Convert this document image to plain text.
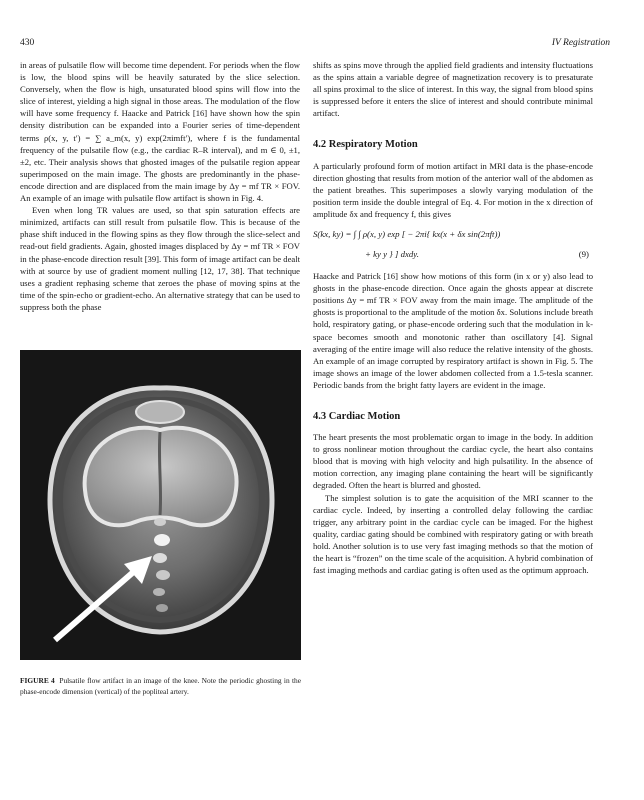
430	IV Registration

in areas of pulsatile flow will become time dependent. For periods when the flow is low, the blood spins will be heavily saturated by the slice selection. Conversely, when the flow is high, unsaturated blood spins will flow into the slice of interest, yielding a high signal in those areas. The modulation of the flow will have some frequency f. Haacke and Patrick [16] have shown how the spin density distribution can be expanded into a Fourier series of time-dependent terms ρ(x, y, t′) = ∑ a_m(x, y) exp(2πimft′), where f is the fundamental frequency of the pulsatile flow (e.g., the cardiac R–R interval), and m ∈ 0, ±1, ±2, etc. Their analysis shows that ghosted images of the pulsatile region appear superimposed on the main image. The ghosts are predominantly in the phase-encode direction and are displaced from the main image by Δy = mf TR × FOV. An example of an image with pulsatile flow artifact is shown in Fig. 4.

Even when long TR values are used, so that spin saturation effects are minimized, artifacts can still result from pulsatile flow. This is because of the phase shift induced in the flowing spins as they flow through the slice-select and read-out field gradients. Again, ghosted images displaced by Δy = mf TR × FOV in the phase-encode direction result [39]. This form of image artifact can be dealt with at source by use of gradient moment nulling [12, 17, 38]. That technique uses a gradient rephasing scheme that zeroes the phase of moving spins at the time of the spin-echo or gradient-echo. An alternative strategy that can be used to suppress both the phase

FIGURE 4 Pulsatile flow artifact in an image of the knee. Note the periodic ghosting in the phase-encode dimension (vertical) of the popliteal artery.

shifts as spins move through the applied field gradients and intensity fluctuations as the spins attain a variable degree of magnetization recovery is to presaturate all spins proximal to the slice of interest. In this way, the signal from blood spins is suppressed before it enters the slice of interest and should contribute minimal artifact.

4.2 Respiratory Motion

A particularly profound form of motion artifact in MRI data is the phase-encode direction ghosting that results from motion of the anterior wall of the abdomen as the patient breathes. This superimposes a slowly varying modulation of the position term inside the double integral of Eq. 4. For motion in the x direction of amplitude δx and frequency f, this gives

S(kx, ky) = ∫ ∫ ρ(x, y) exp [ − 2πi{ kx(x + δx sin(2πft))
+ ky y } ] dxdy.	(9)

Haacke and Patrick [16] show how motions of this form (in x or y) also lead to ghosts in the phase-encode direction. Once again the ghosts appear at discrete positions Δy = mf TR × FOV away from the main image. The amplitude of the ghosts is proportional to the amplitude of the motion δx. Solutions include breath hold, respiratory gating, or phase-encode ordering such that the modulation in k-space becomes smooth and monotonic rather than oscillatory [4]. Signal averaging of the entire image will also reduce the relative intensity of the ghosts. An example of an image corrupted by respiratory artifact is shown in Fig. 5. The image shows an image of the lower abdomen collected from a 1.5-tesla scanner. Periodic bands from the bright fatty layers are evident in the image.

4.3 Cardiac Motion

The heart presents the most problematic organ to image in the body. In addition to gross nonlinear motion throughout the cardiac cycle, the heart also contains blood that is moving with high velocity and high pulsatility. In the absence of motion correction, any imaging plane containing the heart will be significantly degraded. Often the heart is blurred and ghosted.

The simplest solution is to gate the acquisition of the MRI scanner to the cardiac cycle. Indeed, by inserting a controlled delay following the cardiac trigger, any arbitrary point in the cardiac cycle can be imaged. For the highest quality, cardiac gating should be combined with respiratory gating or with breath hold. Another solution is to use very fast imaging methods so that the motion of the heart is “frozen” on the time scale of the acquisition. A hybrid combination of fast imaging methods and cardiac gating is often used as the optimum approach.
